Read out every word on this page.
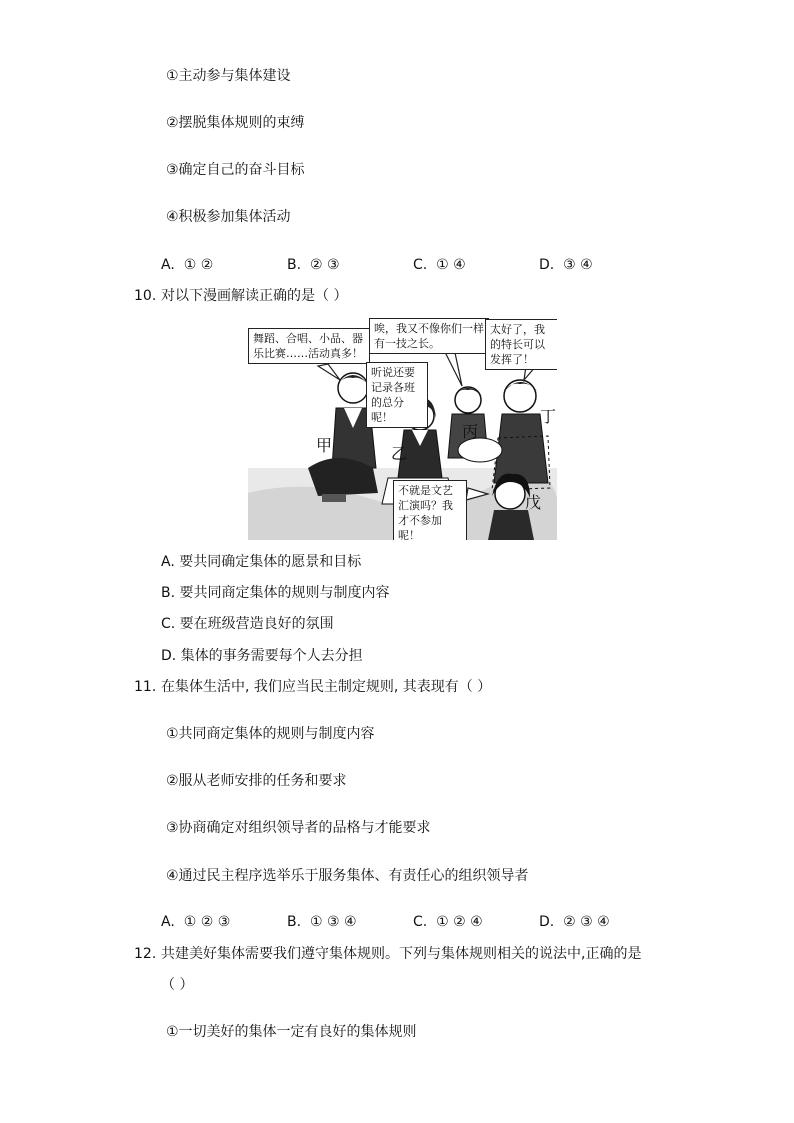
①主动参与集体建设
②摆脱集体规则的束缚
③确定自己的奋斗目标
④积极参加集体活动
A. ① ②	B. ② ③	C. ① ④	D. ③ ④
10. 对以下漫画解读正确的是（ ）
舞蹈、合唱、小品、器乐比赛……活动真多！
唉，我又不像你们一样有一技之长。
太好了，我的特长可以发挥了！
听说还要记录各班的总分呢！
不就是文艺汇演吗？我才不参加呢！
甲	乙
丙
丁
戊
A. 要共同确定集体的愿景和目标
B. 要共同商定集体的规则与制度内容
C. 要在班级营造良好的氛围
D. 集体的事务需要每个人去分担
11. 在集体生活中, 我们应当民主制定规则, 其表现有（ ）
①共同商定集体的规则与制度内容
②服从老师安排的任务和要求
③协商确定对组织领导者的品格与才能要求
④通过民主程序选举乐于服务集体、有责任心的组织领导者
A. ① ② ③	B. ① ③ ④	C. ① ② ④	D. ② ③ ④
12. 共建美好集体需要我们遵守集体规则。下列与集体规则相关的说法中,正确的是
（ ）
①一切美好的集体一定有良好的集体规则
